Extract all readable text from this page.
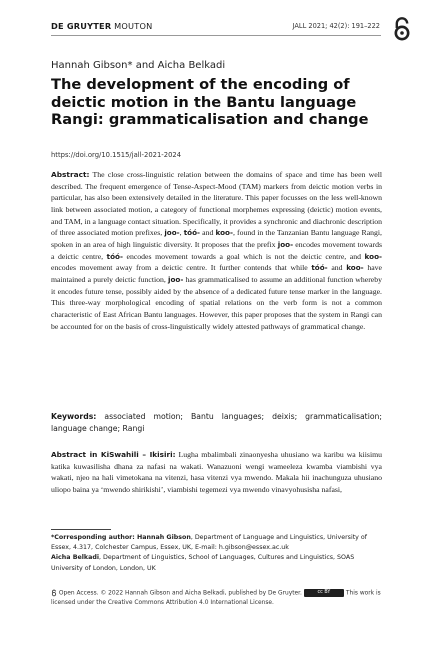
DE GRUYTER MOUTON	JALL 2021; 42(2): 191–222
Hannah Gibson* and Aicha Belkadi
The development of the encoding of deictic motion in the Bantu language Rangi: grammaticalisation and change
https://doi.org/10.1515/jall-2021-2024
Abstract: The close cross-linguistic relation between the domains of space and time has been well described. The frequent emergence of Tense-Aspect-Mood (TAM) markers from deictic motion verbs in particular, has also been extensively detailed in the literature. This paper focusses on the less well-known link between associated motion, a category of functional morphemes expressing (deictic) motion events, and TAM, in a language contact situation. Specifically, it provides a synchronic and diachronic description of three associated motion prefixes, joo-, tóó- and koo-, found in the Tanzanian Bantu language Rangi, spoken in an area of high linguistic diversity. It proposes that the prefix joo- encodes movement towards a deictic centre, tóó- encodes movement towards a goal which is not the deictic centre, and koo- encodes movement away from a deictic centre. It further contends that while tóó- and koo- have maintained a purely deictic function, joo- has grammaticalised to assume an additional function whereby it encodes future tense, possibly aided by the absence of a dedicated future tense marker in the language. This three-way morphological encoding of spatial relations on the verb form is not a common characteristic of East African Bantu languages. However, this paper proposes that the system in Rangi can be accounted for on the basis of cross-linguistically widely attested pathways of grammatical change.
Keywords: associated motion; Bantu languages; deixis; grammaticalisation; language change; Rangi
Abstract in KiSwahili – Ikisiri: Lugha mbalimbali zinaonyesha uhusiano wa karibu wa kiisimu katika kuwasilisha dhana za nafasi na wakati. Wanazuoni wengi wameeleza kwamba viambishi vya wakati, njeo na hali vimetokana na vitenzi, hasa vitenzi vya mwendo. Makala hii inachunguza uhusiano uliopo baina ya ‘mwendo shirikishi’, viambishi tegemezi vya mwendo vinavyohusisha nafasi,
*Corresponding author: Hannah Gibson, Department of Language and Linguistics, University of Essex, 4.317, Colchester Campus, Essex, UK, E-mail: h.gibson@essex.ac.uk
Aicha Belkadi, Department of Linguistics, School of Languages, Cultures and Linguistics, SOAS University of London, London, UK
Open Access. © 2022 Hannah Gibson and Aicha Belkadi, published by De Gruyter.	cc BY	This work is licensed under the Creative Commons Attribution 4.0 International License.
